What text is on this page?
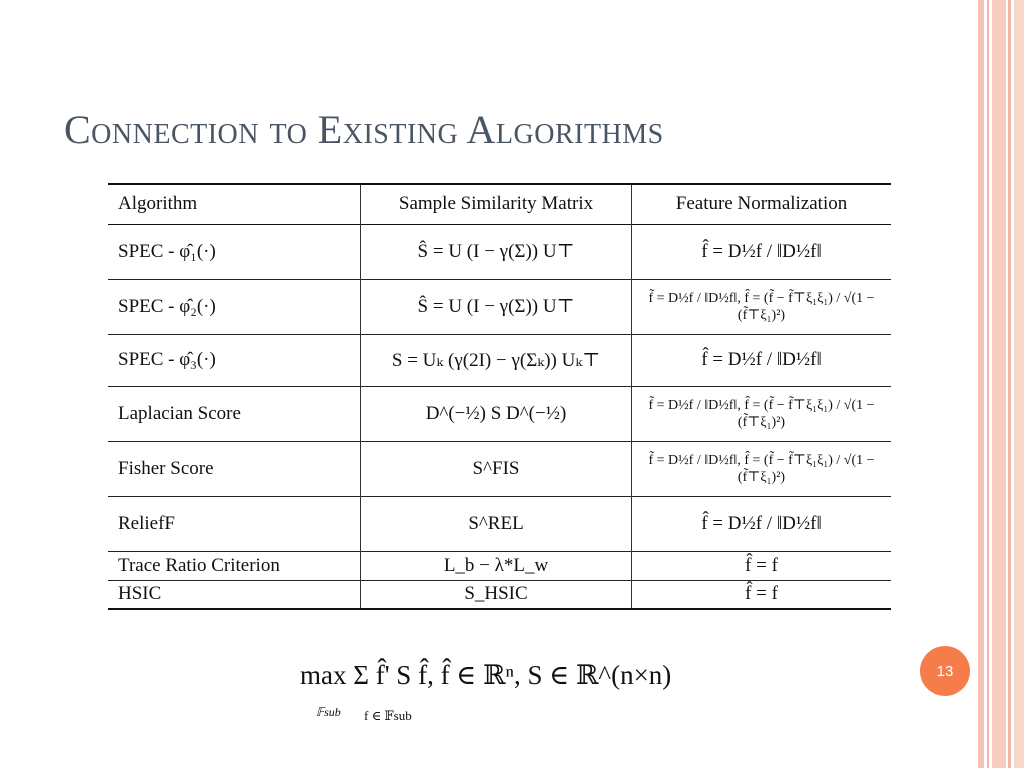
Connection to Existing Algorithms
Algorithm	Sample Similarity Matrix	Feature Normalization
SPEC - φ̂₁(·)	Ŝ = U (I − γ(Σ)) U⊤	f̂ = D½f / ‖D½f‖
SPEC - φ̂₂(·)	Ŝ = U (I − γ(Σ)) U⊤	f̃ = D½f / ‖D½f‖, f̂ = (f̃ − f̃⊤ξ₁ξ₁) / √(1 − (f̃⊤ξ₁)²)
SPEC - φ̂₃(·)	S = Uₖ (γ(2I) − γ(Σₖ)) Uₖ⊤	f̂ = D½f / ‖D½f‖
Laplacian Score	D^(−½) S D^(−½)	f̃ = D½f / ‖D½f‖, f̂ = (f̃ − f̃⊤ξ₁ξ₁) / √(1 − (f̃⊤ξ₁)²)
Fisher Score	S^FIS	f̃ = D½f / ‖D½f‖, f̂ = (f̃ − f̃⊤ξ₁ξ₁) / √(1 − (f̃⊤ξ₁)²)
ReliefF	S^REL	f̂ = D½f / ‖D½f‖
Trace Ratio Criterion	L_b − λ*L_w	f̂ = f
HSIC	S_HSIC	f̂ = f
max Σ f̂' S f̂, f̂ ∈ ℝⁿ, S ∈ ℝ^(n×n)
𝔽sub f ∈ 𝔽sub
13
